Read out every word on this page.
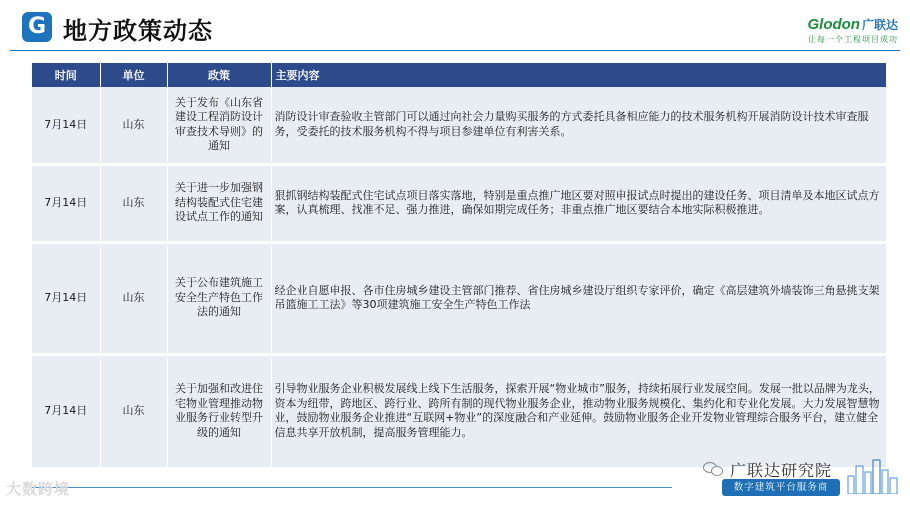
G 地方政策动态	Glodon 广联达
让每一个工程项目成功
时间	单位	政策	主要内容
7月14日	山东	关于发布《山东省建设工程消防设计审查技术导则》的通知	消防设计审查验收主管部门可以通过向社会力量购买服务的方式委托具备相应能力的技术服务机构开展消防设计技术审查服务，受委托的技术服务机构不得与项目参建单位有利害关系。
7月14日	山东	关于进一步加强钢结构装配式住宅建设试点工作的通知	狠抓钢结构装配式住宅试点项目落实落地，特别是重点推广地区要对照申报试点时提出的建设任务、项目清单及本地区试点方案，认真梳理、找准不足、强力推进，确保如期完成任务；非重点推广地区要结合本地实际积极推进。
7月14日	山东	关于公布建筑施工安全生产特色工作法的通知	经企业自愿申报、各市住房城乡建设主管部门推荐、省住房城乡建设厅组织专家评价，确定《高层建筑外墙装饰三角悬挑支架吊篮施工工法》等30项建筑施工安全生产特色工作法
7月14日	山东	关于加强和改进住宅物业管理推动物业服务行业转型升级的通知	引导物业服务企业积极发展线上线下生活服务，探索开展“物业城市”服务，持续拓展行业发展空间。发展一批以品牌为龙头，资本为纽带，跨地区、跨行业、跨所有制的现代物业服务企业，推动物业服务规模化、集约化和专业化发展。大力发展智慧物业，鼓励物业服务企业推进“互联网+物业”的深度融合和产业延伸。鼓励物业服务企业开发物业管理综合服务平台，建立健全信息共享开放机制，提高服务管理能力。
大数跨境
广联达研究院
数字建筑平台服务商
